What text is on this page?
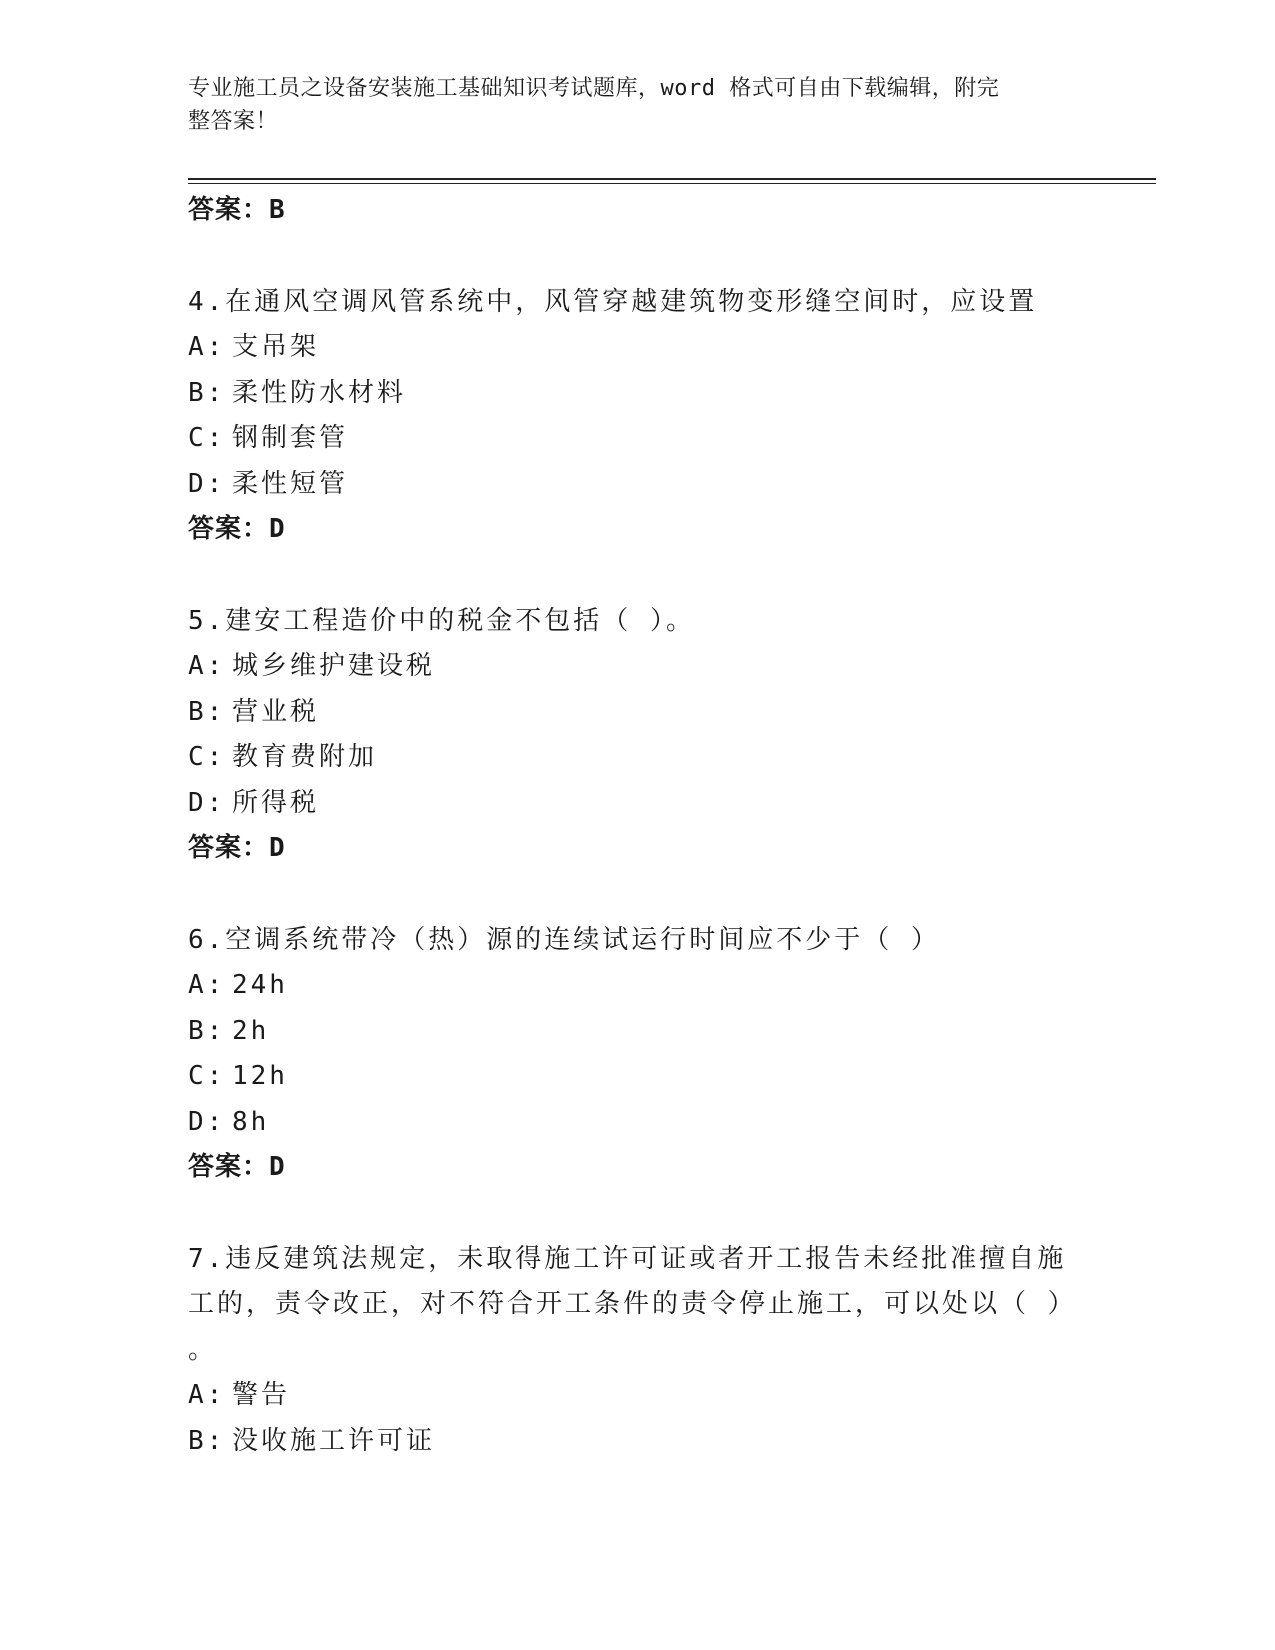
专业施工员之设备安装施工基础知识考试题库，word 格式可自由下载编辑，附完
整答案！
答案：B
4.在通风空调风管系统中，风管穿越建筑物变形缝空间时，应设置
A: 支吊架
B: 柔性防水材料
C: 钢制套管
D: 柔性短管
答案：D
5.建安工程造价中的税金不包括（ ）。
A: 城乡维护建设税
B: 营业税
C: 教育费附加
D: 所得税
答案：D
6.空调系统带冷（热）源的连续试运行时间应不少于（ ）
A: 24h
B: 2h
C: 12h
D: 8h
答案：D
7.违反建筑法规定，未取得施工许可证或者开工报告未经批准擅自施
工的，责令改正，对不符合开工条件的责令停止施工，可以处以（ ）
。
A: 警告
B: 没收施工许可证
